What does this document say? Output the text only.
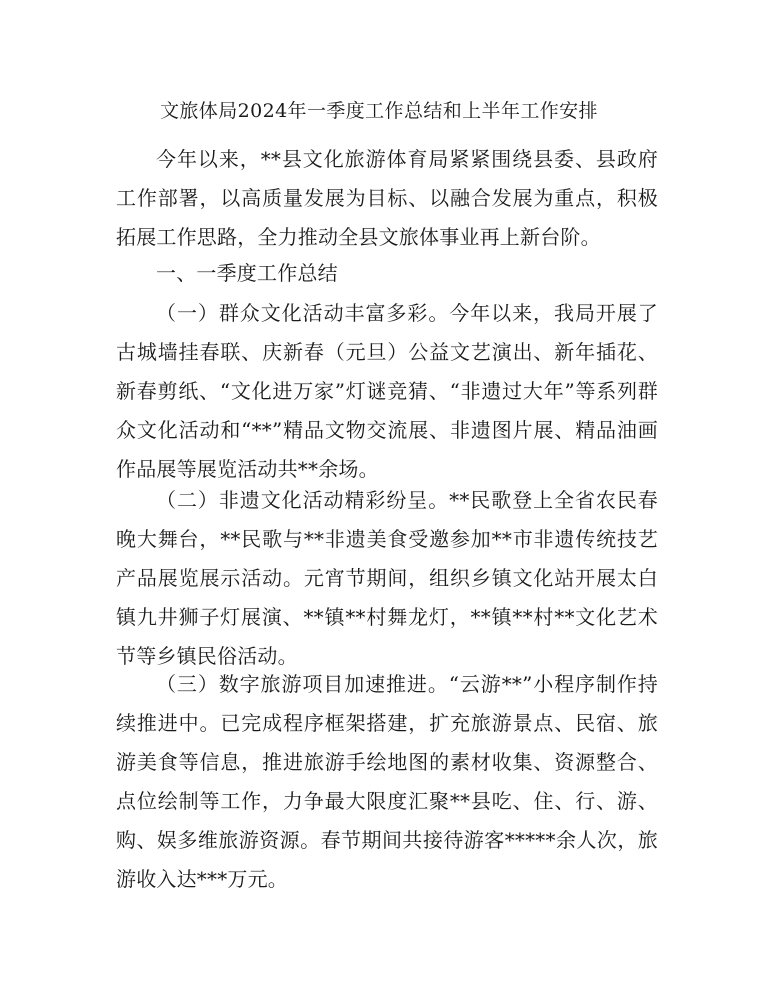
文旅体局2024年一季度工作总结和上半年工作安排

今年以来，**县文化旅游体育局紧紧围绕县委、县政府工作部署，以高质量发展为目标、以融合发展为重点，积极拓展工作思路，全力推动全县文旅体事业再上新台阶。

一、一季度工作总结

（一）群众文化活动丰富多彩。今年以来，我局开展了古城墙挂春联、庆新春（元旦）公益文艺演出、新年插花、新春剪纸、“文化进万家”灯谜竞猜、“非遗过大年”等系列群众文化活动和“**”精品文物交流展、非遗图片展、精品油画作品展等展览活动共**余场。

（二）非遗文化活动精彩纷呈。**民歌登上全省农民春晚大舞台，**民歌与**非遗美食受邀参加**市非遗传统技艺产品展览展示活动。元宵节期间，组织乡镇文化站开展太白镇九井狮子灯展演、**镇**村舞龙灯，**镇**村**文化艺术节等乡镇民俗活动。

（三）数字旅游项目加速推进。“云游**”小程序制作持续推进中。已完成程序框架搭建，扩充旅游景点、民宿、旅游美食等信息，推进旅游手绘地图的素材收集、资源整合、点位绘制等工作，力争最大限度汇聚**县吃、住、行、游、购、娱多维旅游资源。春节期间共接待游客*****余人次，旅游收入达***万元。
